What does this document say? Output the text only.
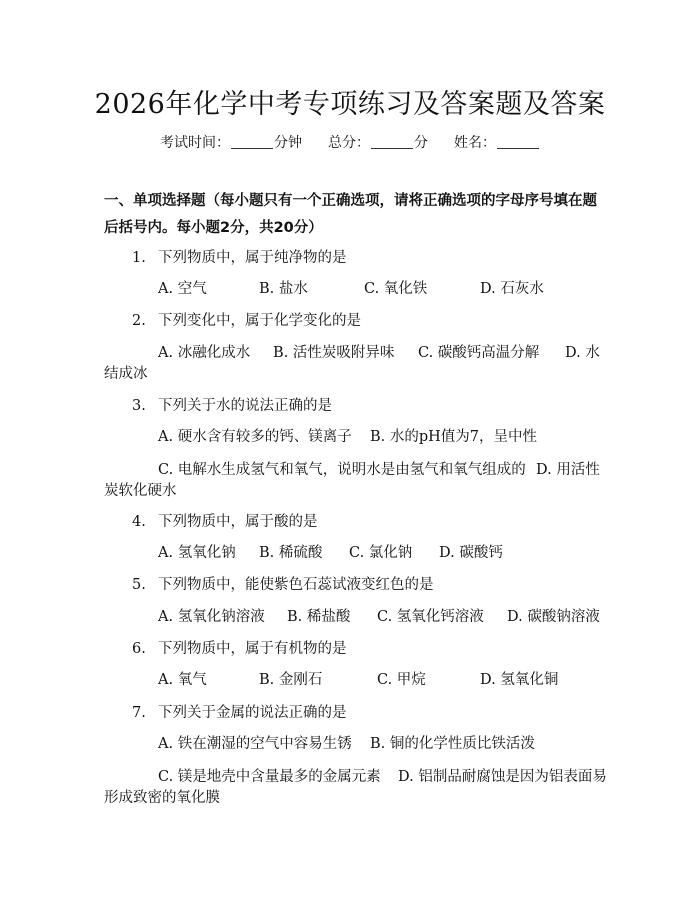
2026年化学中考专项练习及答案题及答案
考试时间：	分钟 总分：	分 姓名：
一、单项选择题（每小题只有一个正确选项，请将正确选项的字母序号填在题后括号内。每小题2分，共20分）
1. 下列物质中，属于纯净物的是
A. 空气	B. 盐水	C. 氧化铁	D. 石灰水
2. 下列变化中，属于化学变化的是
A. 冰融化成水 B. 活性炭吸附异味 C. 碳酸钙高温分解 D. 水
结成冰
3. 下列关于水的说法正确的是
A. 硬水含有较多的钙、镁离子 B. 水的pH值为7，呈中性
C. 电解水生成氢气和氧气，说明水是由氢气和氧气组成的 D. 用活性
炭软化硬水
4. 下列物质中，属于酸的是
A. 氢氧化钠 B. 稀硫酸 C. 氯化钠 D. 碳酸钙
5. 下列物质中，能使紫色石蕊试液变红色的是
A. 氢氧化钠溶液 B. 稀盐酸 C. 氢氧化钙溶液 D. 碳酸钠溶液
6. 下列物质中，属于有机物的是
A. 氧气	B. 金刚石	C. 甲烷	D. 氢氧化铜
7. 下列关于金属的说法正确的是
A. 铁在潮湿的空气中容易生锈 B. 铜的化学性质比铁活泼
C. 镁是地壳中含量最多的金属元素 D. 铝制品耐腐蚀是因为铝表面易
形成致密的氧化膜
